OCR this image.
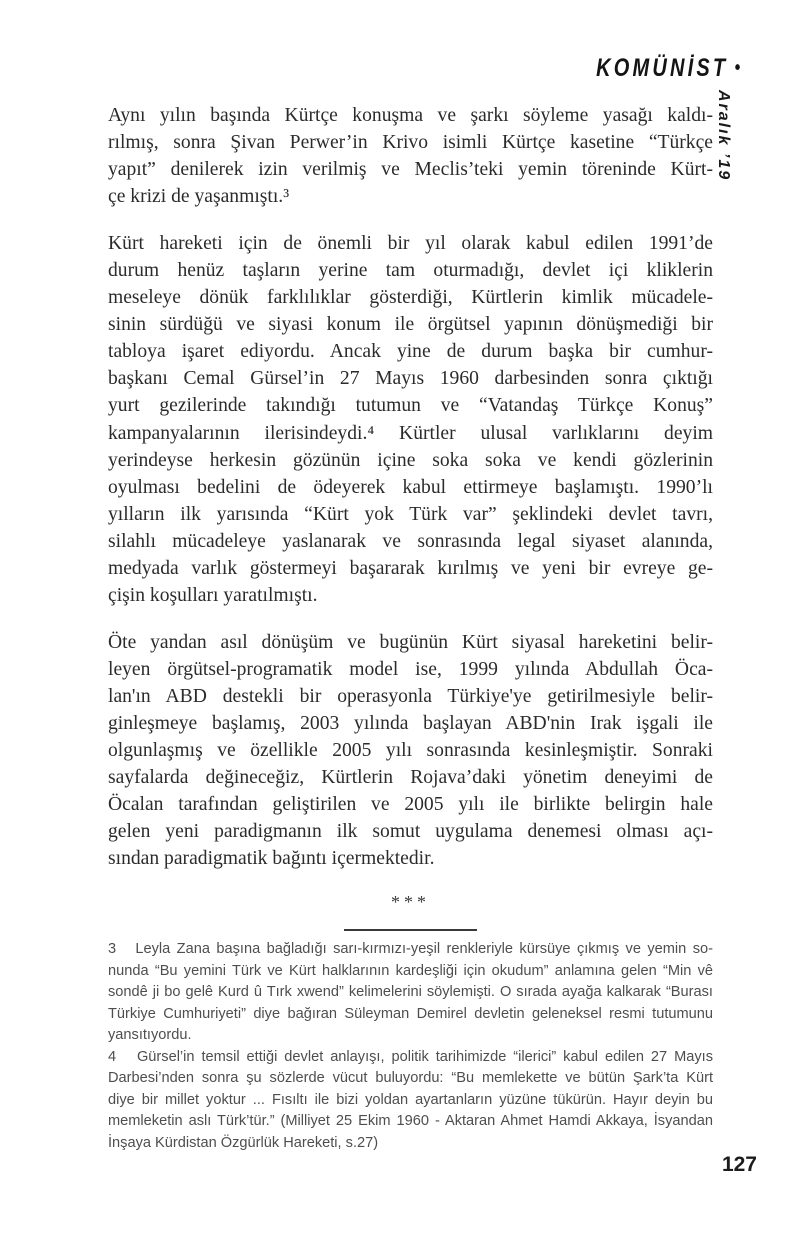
KOMÜNİST •
Aralık ’19
Aynı yılın başında Kürtçe konuşma ve şarkı söyleme yasağı kaldı-
rılmış, sonra Şivan Perwer’in Krivo isimli Kürtçe kasetine “Türkçe
yapıt” denilerek izin verilmiş ve Meclis’teki yemin töreninde Kürt-
çe krizi de yaşanmıştı.³
Kürt hareketi için de önemli bir yıl olarak kabul edilen 1991’de
durum henüz taşların yerine tam oturmadığı, devlet içi kliklerin
meseleye dönük farklılıklar gösterdiği, Kürtlerin kimlik mücadele-
sinin sürdüğü ve siyasi konum ile örgütsel yapının dönüşmediği bir
tabloya işaret ediyordu. Ancak yine de durum başka bir cumhur-
başkanı Cemal Gürsel’in 27 Mayıs 1960 darbesinden sonra çıktığı
yurt gezilerinde takındığı tutumun ve “Vatandaş Türkçe Konuş”
kampanyalarının ilerisindeydi.⁴ Kürtler ulusal varlıklarını deyim
yerindeyse herkesin gözünün içine soka soka ve kendi gözlerinin
oyulması bedelini de ödeyerek kabul ettirmeye başlamıştı. 1990’lı
yılların ilk yarısında “Kürt yok Türk var” şeklindeki devlet tavrı,
silahlı mücadeleye yaslanarak ve sonrasında legal siyaset alanında,
medyada varlık göstermeyi başararak kırılmış ve yeni bir evreye ge-
çişin koşulları yaratılmıştı.
Öte yandan asıl dönüşüm ve bugünün Kürt siyasal hareketini belir-
leyen örgütsel-programatik model ise, 1999 yılında Abdullah Öca-
lan'ın ABD destekli bir operasyonla Türkiye'ye getirilmesiyle belir-
ginleşmeye başlamış, 2003 yılında başlayan ABD'nin Irak işgali ile
olgunlaşmış ve özellikle 2005 yılı sonrasında kesinleşmiştir. Sonraki
sayfalarda değineceğiz, Kürtlerin Rojava’daki yönetim deneyimi de
Öcalan tarafından geliştirilen ve 2005 yılı ile birlikte belirgin hale
gelen yeni paradigmanın ilk somut uygulama denemesi olması açı-
sından paradigmatik bağıntı içermektedir.
***
3   Leyla Zana başına bağladığı sarı-kırmızı-yeşil renkleriyle kürsüye çıkmış ve yemin so-
nunda “Bu yemini Türk ve Kürt halklarının kardeşliği için okudum” anlamına gelen “Min vê
sondê ji bo gelê Kurd û Tırk xwend” kelimelerini söylemişti. O sırada ayağa kalkarak “Burası
Türkiye Cumhuriyeti” diye bağıran Süleyman Demirel devletin geleneksel resmi tutumunu
yansıtıyordu.
4   Gürsel’in temsil ettiği devlet anlayışı, politik tarihimizde “ilerici” kabul edilen 27 Mayıs
Darbesi’nden sonra şu sözlerde vücut buluyordu: “Bu memlekette ve bütün Şark’ta Kürt
diye bir millet yoktur ... Fısıltı ile bizi yoldan ayartanların yüzüne tükürün. Hayır deyin bu
memleketin aslı Türk’tür.” (Milliyet 25 Ekim 1960 - Aktaran Ahmet Hamdi Akkaya, İsyandan
İnşaya Kürdistan Özgürlük Hareketi, s.27)
127
